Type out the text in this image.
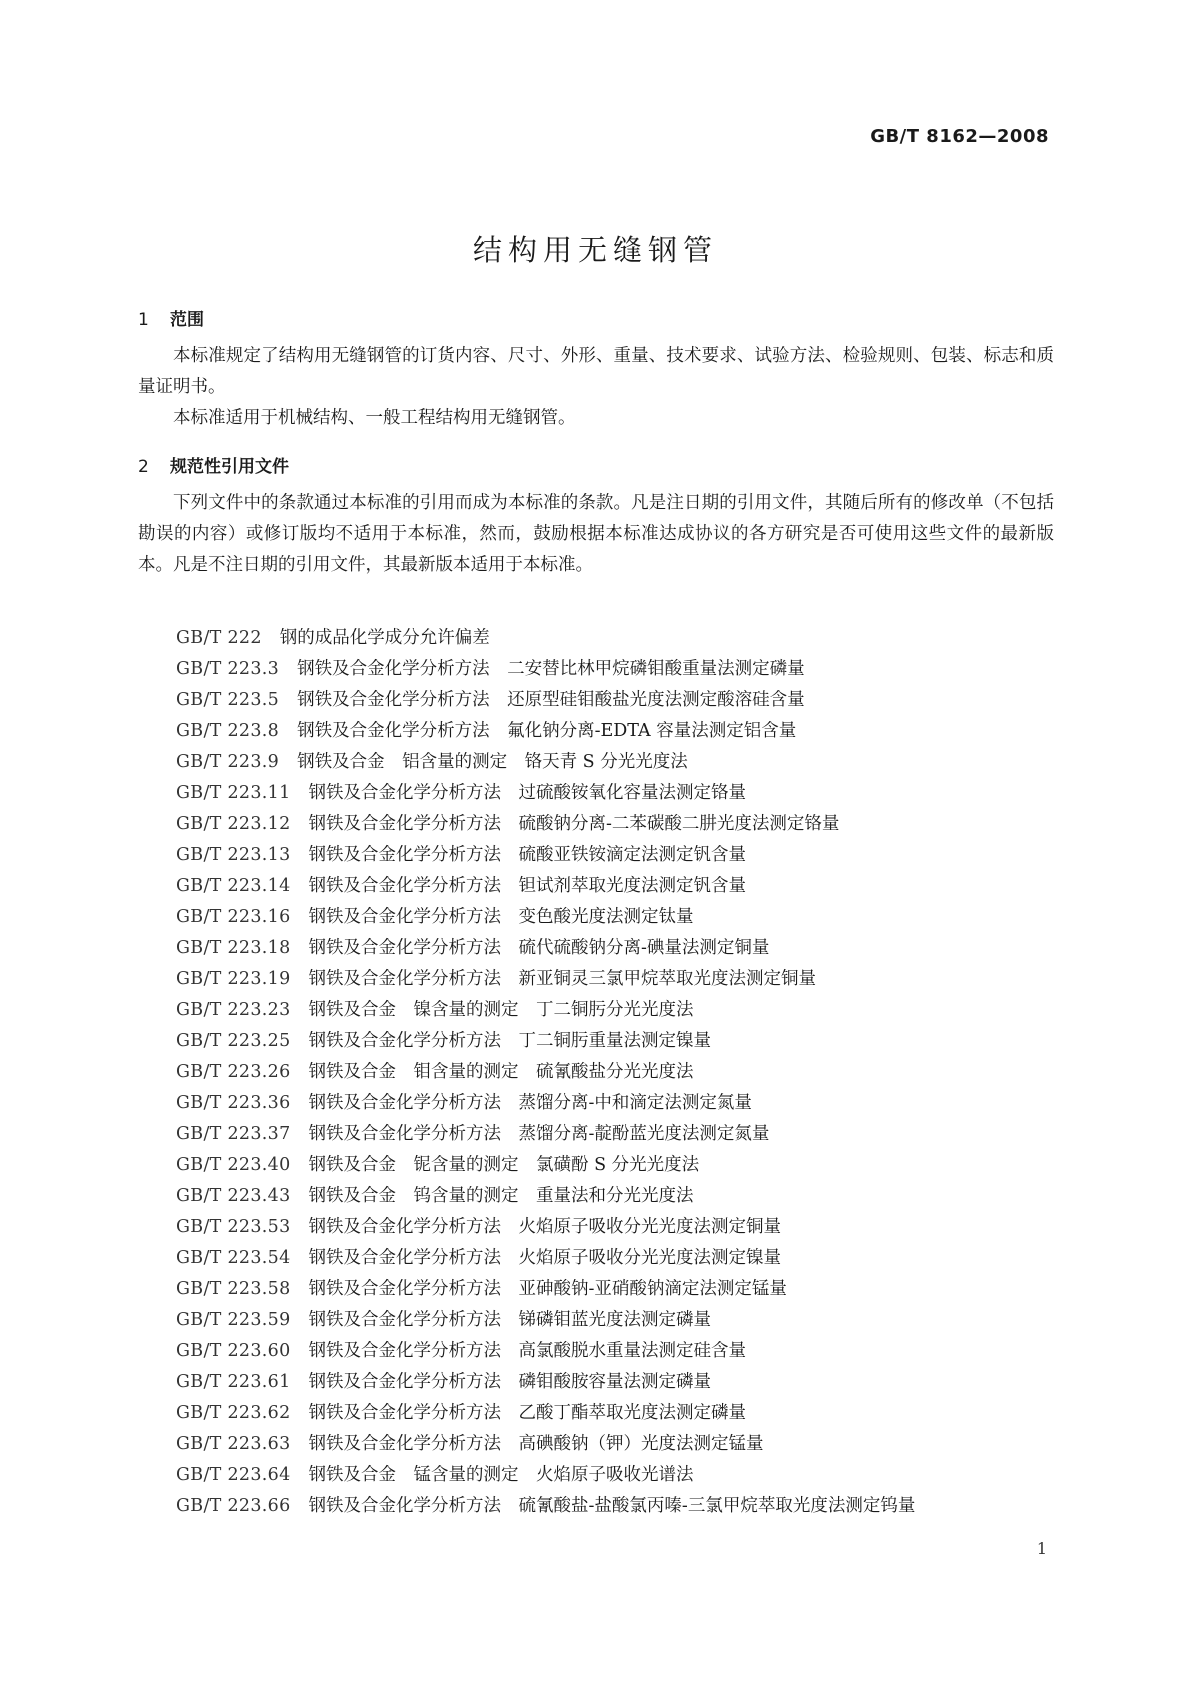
GB/T 8162—2008
结构用无缝钢管
1 范围
本标准规定了结构用无缝钢管的订货内容、尺寸、外形、重量、技术要求、试验方法、检验规则、包装、标志和质量证明书。
本标准适用于机械结构、一般工程结构用无缝钢管。
2 规范性引用文件
下列文件中的条款通过本标准的引用而成为本标准的条款。凡是注日期的引用文件，其随后所有的修改单（不包括勘误的内容）或修订版均不适用于本标准，然而，鼓励根据本标准达成协议的各方研究是否可使用这些文件的最新版本。凡是不注日期的引用文件，其最新版本适用于本标准。
GB/T 222 钢的成品化学成分允许偏差
GB/T 223.3 钢铁及合金化学分析方法　二安替比林甲烷磷钼酸重量法测定磷量
GB/T 223.5 钢铁及合金化学分析方法　还原型硅钼酸盐光度法测定酸溶硅含量
GB/T 223.8 钢铁及合金化学分析方法　氟化钠分离-EDTA 容量法测定铝含量
GB/T 223.9 钢铁及合金　铝含量的测定　铬天青 S 分光光度法
GB/T 223.11 钢铁及合金化学分析方法　过硫酸铵氧化容量法测定铬量
GB/T 223.12 钢铁及合金化学分析方法　硫酸钠分离-二苯碳酸二肼光度法测定铬量
GB/T 223.13 钢铁及合金化学分析方法　硫酸亚铁铵滴定法测定钒含量
GB/T 223.14 钢铁及合金化学分析方法　钽试剂萃取光度法测定钒含量
GB/T 223.16 钢铁及合金化学分析方法　变色酸光度法测定钛量
GB/T 223.18 钢铁及合金化学分析方法　硫代硫酸钠分离-碘量法测定铜量
GB/T 223.19 钢铁及合金化学分析方法　新亚铜灵三氯甲烷萃取光度法测定铜量
GB/T 223.23 钢铁及合金　镍含量的测定　丁二铜肟分光光度法
GB/T 223.25 钢铁及合金化学分析方法　丁二铜肟重量法测定镍量
GB/T 223.26 钢铁及合金　钼含量的测定　硫氰酸盐分光光度法
GB/T 223.36 钢铁及合金化学分析方法　蒸馏分离-中和滴定法测定氮量
GB/T 223.37 钢铁及合金化学分析方法　蒸馏分离-靛酚蓝光度法测定氮量
GB/T 223.40 钢铁及合金　铌含量的测定　氯磺酚 S 分光光度法
GB/T 223.43 钢铁及合金　钨含量的测定　重量法和分光光度法
GB/T 223.53 钢铁及合金化学分析方法　火焰原子吸收分光光度法测定铜量
GB/T 223.54 钢铁及合金化学分析方法　火焰原子吸收分光光度法测定镍量
GB/T 223.58 钢铁及合金化学分析方法　亚砷酸钠-亚硝酸钠滴定法测定锰量
GB/T 223.59 钢铁及合金化学分析方法　锑磷钼蓝光度法测定磷量
GB/T 223.60 钢铁及合金化学分析方法　高氯酸脱水重量法测定硅含量
GB/T 223.61 钢铁及合金化学分析方法　磷钼酸胺容量法测定磷量
GB/T 223.62 钢铁及合金化学分析方法　乙酸丁酯萃取光度法测定磷量
GB/T 223.63 钢铁及合金化学分析方法　高碘酸钠（钾）光度法测定锰量
GB/T 223.64 钢铁及合金　锰含量的测定　火焰原子吸收光谱法
GB/T 223.66 钢铁及合金化学分析方法　硫氰酸盐-盐酸氯丙嗪-三氯甲烷萃取光度法测定钨量
1
